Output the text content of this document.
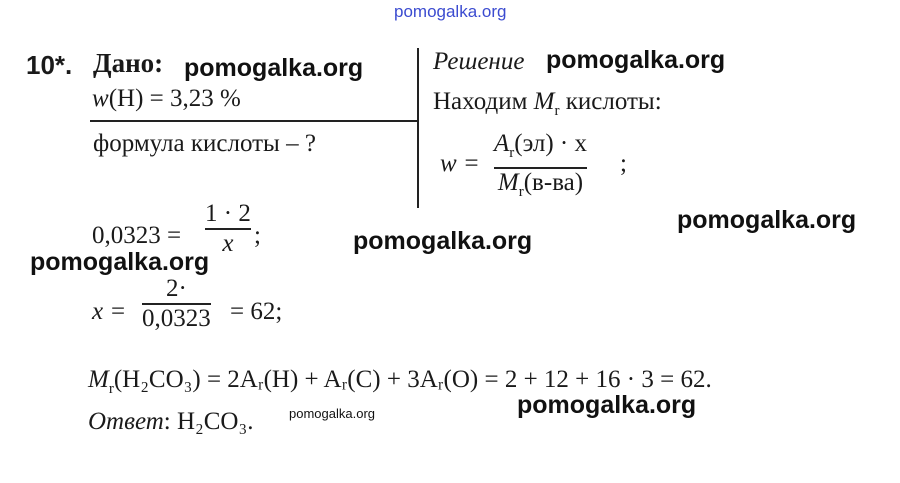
pomogalka.org
10*. Дано:
w(H) = 3,23 %
формула кислоты – ?
Решение
Находим $M_r$ кислоты:
w =
$A_r(эл) \cdot x$
$M_r(в-ва)$
;
0,0323 =
1 · 2
x ;
x =
2·
0,0323 = 62;
$M_r(H_2CO_3)$ = 2Aᵣ(H) + Aᵣ(C) + 3Aᵣ(O) = 2 + 12 + 16 · 3 = 62.
Ответ: H₂CO₃.
pomogalka.org	pomogalka.org
pomogalka.org
pomogalka.org
pomogalka.org
pomogalka.org
pomogalka.org
